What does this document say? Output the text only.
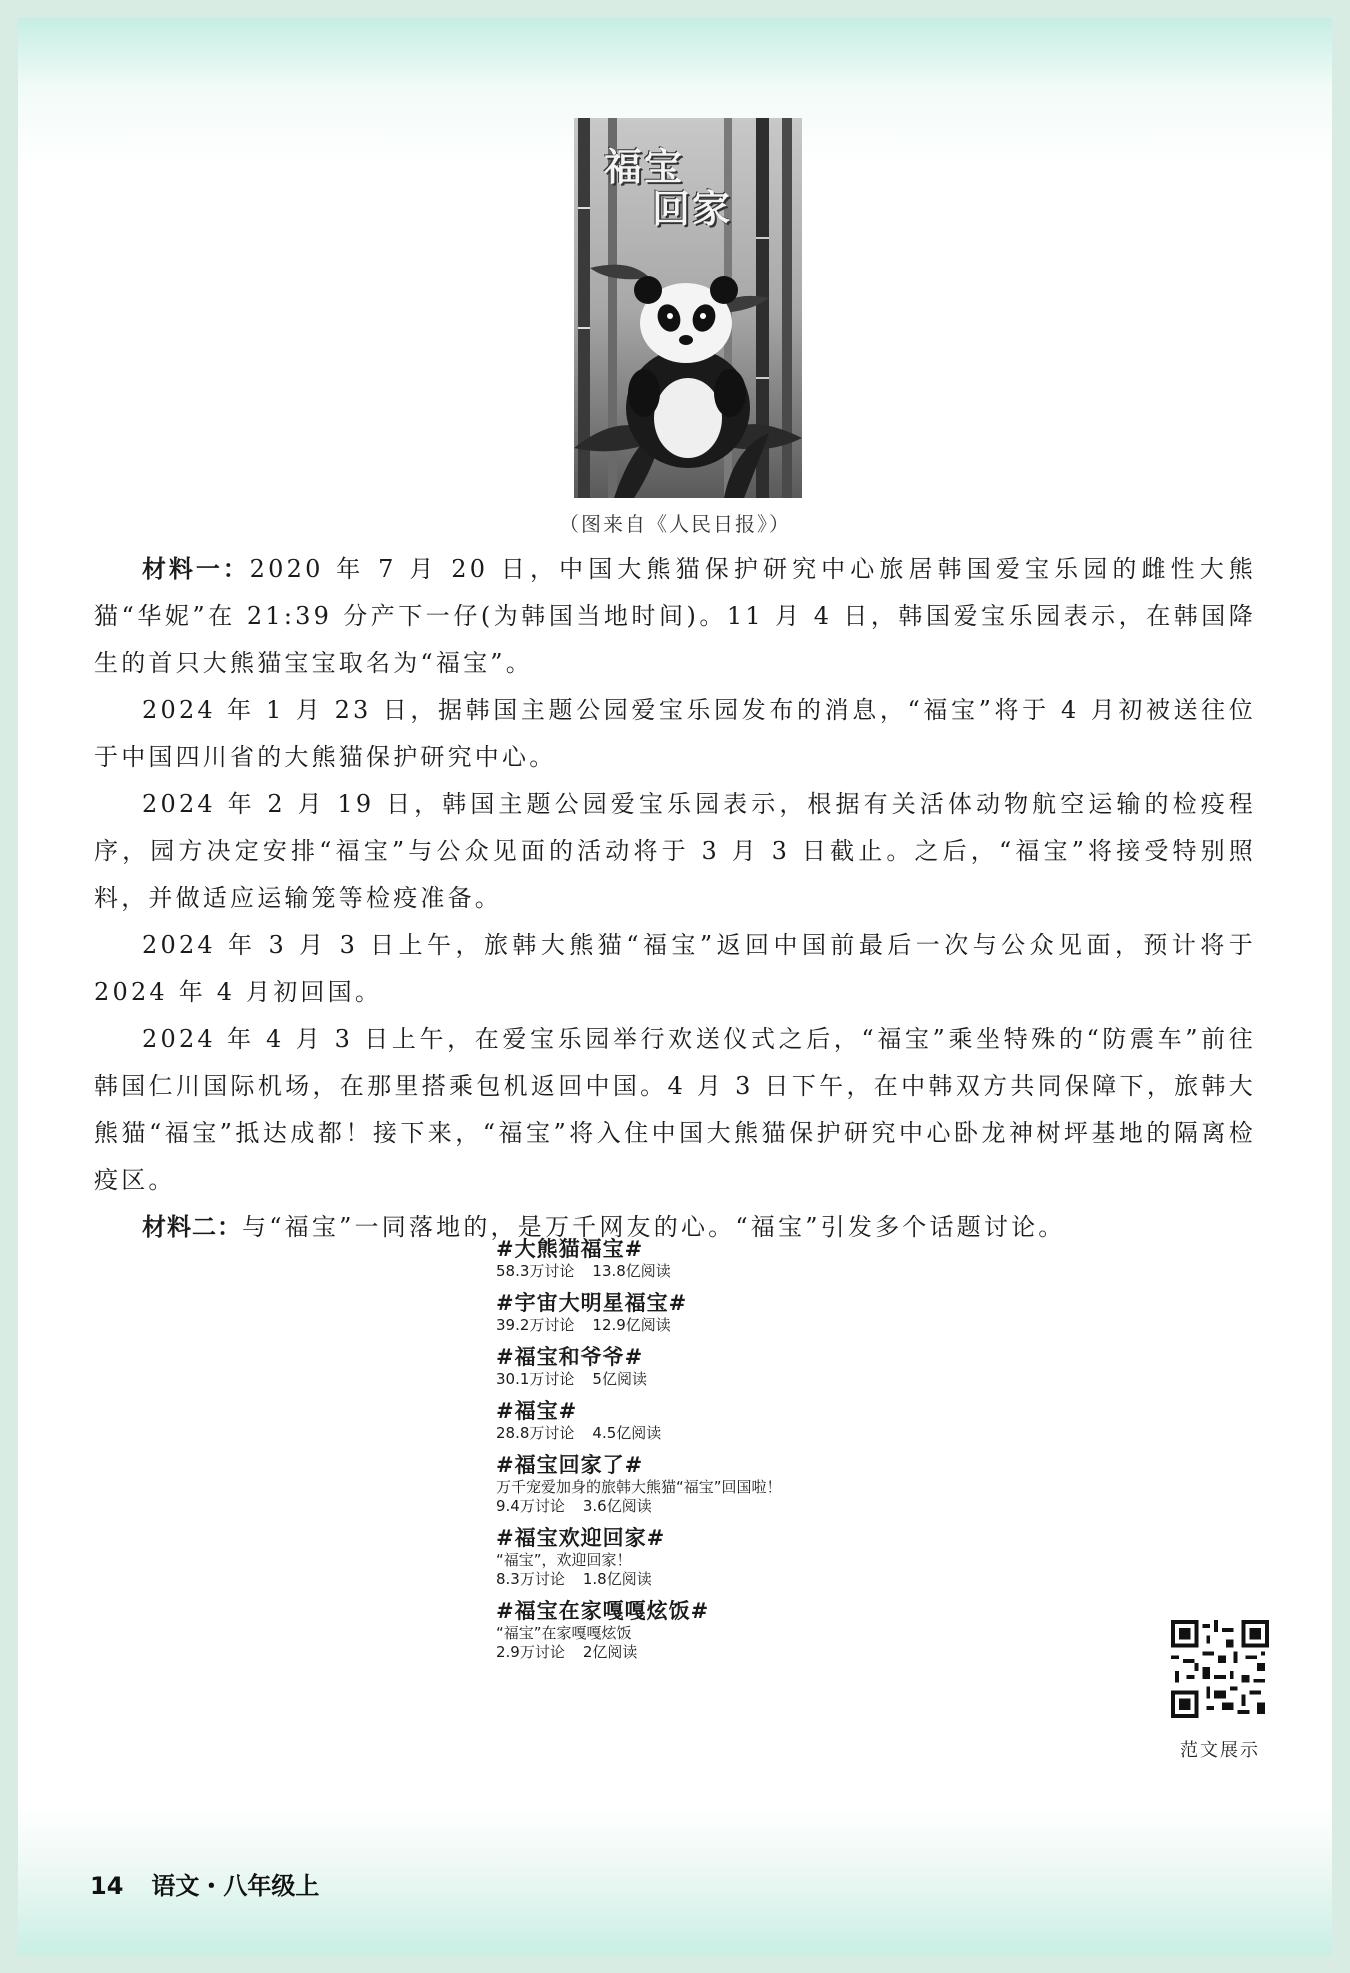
福宝
回家
（图来自《人民日报》）

材料一：2020 年 7 月 20 日，中国大熊猫保护研究中心旅居韩国爱宝乐园的雌性大熊猫“华妮”在 21:39 分产下一仔(为韩国当地时间)。11 月 4 日，韩国爱宝乐园表示，在韩国降生的首只大熊猫宝宝取名为“福宝”。

2024 年 1 月 23 日，据韩国主题公园爱宝乐园发布的消息，“福宝”将于 4 月初被送往位于中国四川省的大熊猫保护研究中心。

2024 年 2 月 19 日，韩国主题公园爱宝乐园表示，根据有关活体动物航空运输的检疫程序，园方决定安排“福宝”与公众见面的活动将于 3 月 3 日截止。之后，“福宝”将接受特别照料，并做适应运输笼等检疫准备。

2024 年 3 月 3 日上午，旅韩大熊猫“福宝”返回中国前最后一次与公众见面，预计将于 2024 年 4 月初回国。

2024 年 4 月 3 日上午，在爱宝乐园举行欢送仪式之后，“福宝”乘坐特殊的“防震车”前往韩国仁川国际机场，在那里搭乘包机返回中国。4 月 3 日下午，在中韩双方共同保障下，旅韩大熊猫“福宝”抵达成都！接下来，“福宝”将入住中国大熊猫保护研究中心卧龙神树坪基地的隔离检疫区。

材料二：与“福宝”一同落地的，是万千网友的心。“福宝”引发多个话题讨论。

#大熊猫福宝#
58.3万讨论 13.8亿阅读
#宇宙大明星福宝#
39.2万讨论 12.9亿阅读
#福宝和爷爷#
30.1万讨论 5亿阅读
#福宝#
28.8万讨论 4.5亿阅读
#福宝回家了#
万千宠爱加身的旅韩大熊猫“福宝”回国啦！
9.4万讨论 3.6亿阅读
#福宝欢迎回家#
“福宝”，欢迎回家！
8.3万讨论 1.8亿阅读
#福宝在家嘎嘎炫饭#
“福宝”在家嘎嘎炫饭
2.9万讨论 2亿阅读
范文展示
14 语文・八年级上
